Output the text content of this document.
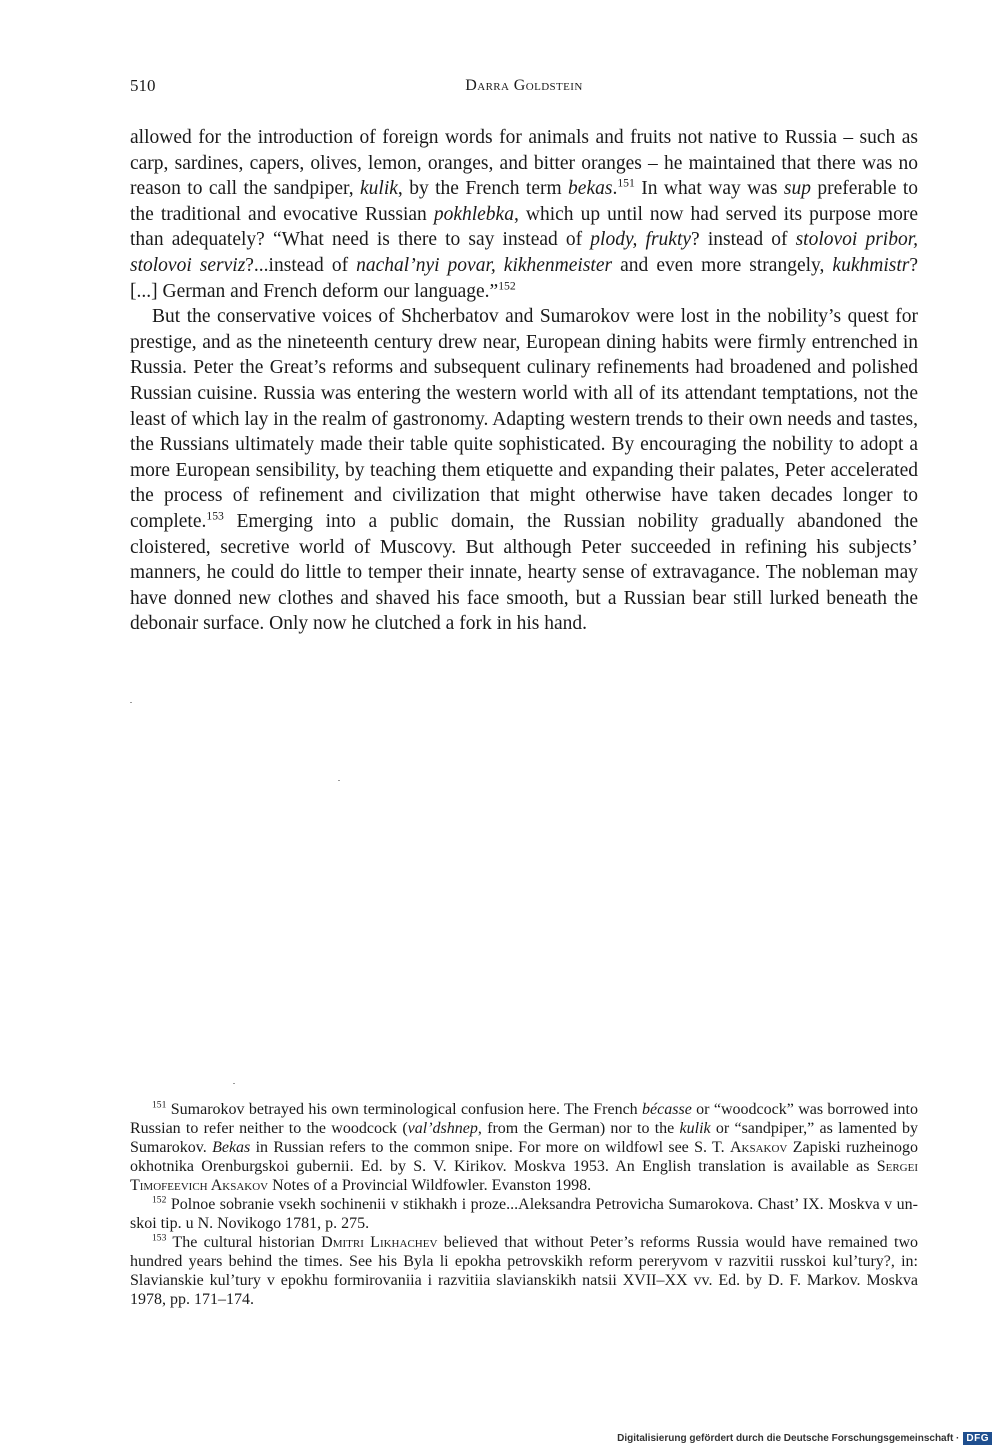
510	Darra Goldstein

allowed for the introduction of foreign words for animals and fruits not native to Russia – such as carp, sardines, capers, olives, lemon, oranges, and bitter oranges – he maintained that there was no reason to call the sandpiper, kulik, by the French term bekas.$^{151}$ In what way was sup preferable to the traditional and evocative Russian pokhlebka, which up until now had served its purpose more than adequately? “What need is there to say instead of plody, frukty? instead of stolovoi pribor, stolovoi serviz?...instead of nachal’nyi povar, kikhenmeister and even more strangely, kukhmistr? [...] German and French deform our language.”$^{152}$

But the conservative voices of Shcherbatov and Sumarokov were lost in the nobility’s quest for prestige, and as the nineteenth century drew near, European dining habits were firmly entrenched in Russia. Peter the Great’s reforms and subsequent culinary refinements had broadened and polished Russian cuisine. Russia was entering the western world with all of its attendant temptations, not the least of which lay in the realm of gastronomy. Adapting western trends to their own needs and tastes, the Russians ultimately made their table quite sophisticated. By encouraging the nobility to adopt a more European sensibility, by teaching them etiquette and expanding their palates, Peter accelerated the process of refinement and civilization that might otherwise have taken decades longer to complete.$^{153}$ Emerging into a public domain, the Russian nobility gradually abandoned the cloistered, secretive world of Muscovy. But although Peter succeeded in refining his subjects’ manners, he could do little to temper their innate, hearty sense of extravagance. The nobleman may have donned new clothes and shaved his face smooth, but a Russian bear still lurked beneath the debonair surface. Only now he clutched a fork in his hand.

$^{151}$ Sumarokov betrayed his own terminological confusion here. The French bécasse or “woodcock” was borrowed into Russian to refer neither to the woodcock (val’dshnep, from the German) nor to the kulik or “sandpiper,” as lamented by Sumarokov. Bekas in Russian refers to the common snipe. For more on wildfowl see S. T. Aksakov Zapiski ruzheinogo okhotnika Orenburgskoi gubernii. Ed. by S. V. Kirikov. Moskva 1953. An English translation is available as Sergei Timofeevich Aksakov Notes of a Provincial Wildfowler. Evanston 1998.

$^{152}$ Polnoe sobranie vsekh sochinenii v stikhakh i proze...Aleksandra Petrovicha Sumarokova. Chast’ IX. Moskva v un-skoi tip. u N. Novikogo 1781, p. 275.

$^{153}$ The cultural historian Dmitri Likhachev believed that without Peter’s reforms Russia would have remained two hundred years behind the times. See his Byla li epokha petrovskikh reform pereryvom v razvitii russkoi kul’tury?, in: Slavianskie kul’tury v epokhu formirovaniia i razvitiia slavianskikh natsii XVII–XX vv. Ed. by D. F. Markov. Moskva 1978, pp. 171–174.

Digitalisierung gefördert durch die Deutsche Forschungsgemeinschaft · DFG
